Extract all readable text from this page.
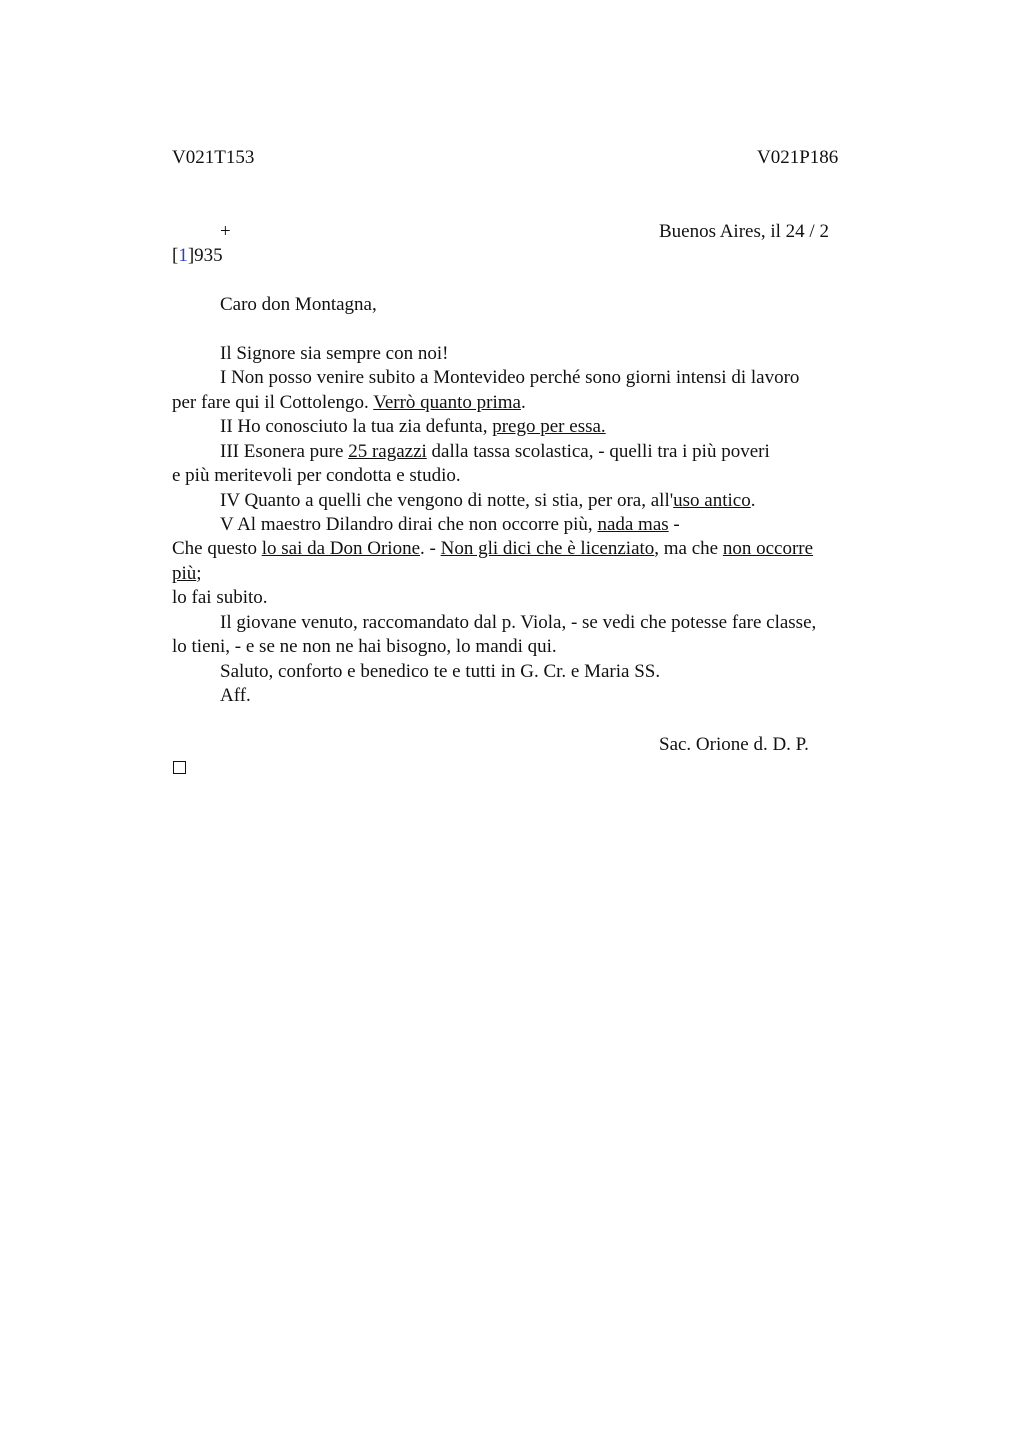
V021T153	V021P186
+	Buenos Aires, il 24 / 2
[1]935
Caro don Montagna,
Il Signore sia sempre con noi!
I Non posso venire subito a Montevideo perché sono giorni intensi di lavoro
per fare qui il Cottolengo. Verrò quanto prima.
II Ho conosciuto la tua zia defunta, prego per essa.
III Esonera pure 25 ragazzi dalla tassa scolastica, - quelli tra i più poveri
e più meritevoli per condotta e studio.
IV Quanto a quelli che vengono di notte, si stia, per ora, all'uso antico.
V Al maestro Dilandro dirai che non occorre più, nada mas -
Che questo lo sai da Don Orione. - Non gli dici che è licenziato, ma che non occorre
più;
lo fai subito.
Il giovane venuto, raccomandato dal p. Viola, - se vedi che potesse fare classe,
lo tieni, - e se ne non ne hai bisogno, lo mandi qui.
Saluto, conforto e benedico te e tutti in G. Cr. e Maria SS.
Aff.
Sac. Orione d. D. P.
